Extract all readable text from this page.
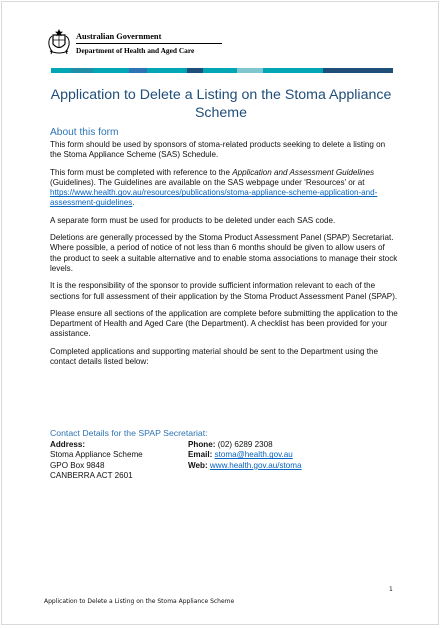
Australian Government
Department of Health and Aged Care
Application to Delete a Listing on the Stoma Appliance Scheme
About this form

This form should be used by sponsors of stoma-related products seeking to delete a listing on the Stoma Appliance Scheme (SAS) Schedule.

This form must be completed with reference to the Application and Assessment Guidelines (Guidelines). The Guidelines are available on the SAS webpage under ‘Resources’ or at https://www.health.gov.au/resources/publications/stoma-appliance-scheme-application-and-assessment-guidelines.

A separate form must be used for products to be deleted under each SAS code.

Deletions are generally processed by the Stoma Product Assessment Panel (SPAP) Secretariat. Where possible, a period of notice of not less than 6 months should be given to allow users of the product to seek a suitable alternative and to enable stoma associations to manage their stock levels.

It is the responsibility of the sponsor to provide sufficient information relevant to each of the sections for full assessment of their application by the Stoma Product Assessment Panel (SPAP).

Please ensure all sections of the application are complete before submitting the application to the Department of Health and Aged Care (the Department). A checklist has been provided for your assistance.

Completed applications and supporting material should be sent to the Department using the contact details listed below:

Contact Details for the SPAP Secretariat:
Address:
Stoma Appliance Scheme
GPO Box 9848
CANBERRA ACT 2601
Phone: (02) 6289 2308
Email: stoma@health.gov.au
Web: www.health.gov.au/stoma
1
Application to Delete a Listing on the Stoma Appliance Scheme
